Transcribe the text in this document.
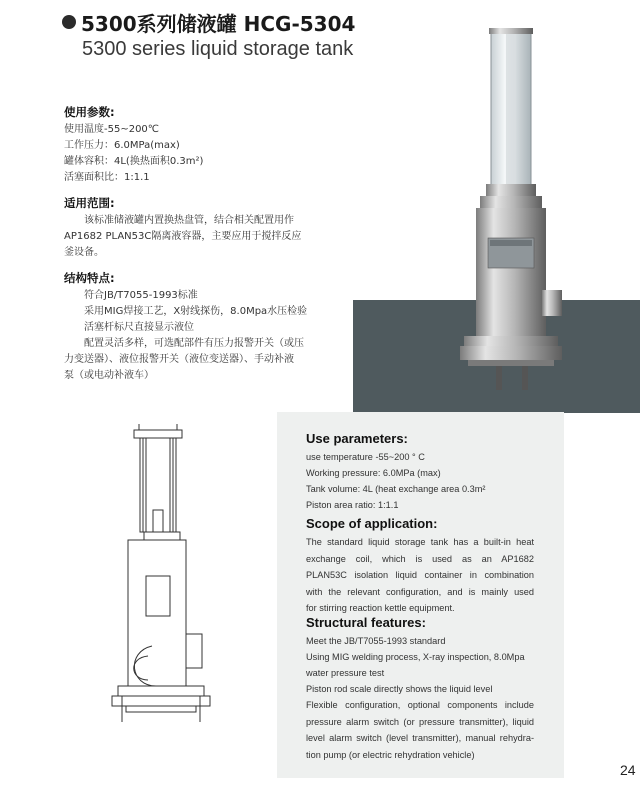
5300系列储液罐 HCG-5304
5300 series liquid storage tank
使用参数:
使用温度-55~200℃
工作压力：6.0MPa(max)
罐体容积：4L(换热面积0.3m²)
活塞面积比：1:1.1
适用范围:
该标准储液罐内置换热盘管，结合相关配置用作
AP1682 PLAN53C隔离液容器，主要应用于搅拌反应
釜设备。
结构特点:
符合JB/T7055-1993标准
采用MIG焊接工艺，X射线探伤，8.0Mpa水压检验
活塞杆标尺直接显示液位
配置灵活多样，可选配部件有压力报警开关（或压
力变送器）、液位报警开关（液位变送器）、手动补液
泵（或电动补液车）
Use parameters:
use temperature -55~200 ° C
Working pressure: 6.0MPa (max)
Tank volume: 4L (heat exchange area 0.3m²
Piston area ratio: 1:1.1
Scope of application:
The standard liquid storage tank has a built-in heat
exchange coil, which is used as an AP1682
PLAN53C isolation liquid container in combination
with the relevant configuration, and is mainly used
for stirring reaction kettle equipment.
Structural features:
Meet the JB/T7055-1993 standard
Using MIG welding process, X-ray inspection, 8.0Mpa
water pressure test
Piston rod scale directly shows the liquid level
Flexible configuration, optional components include
pressure alarm switch (or pressure transmitter), liquid
level alarm switch (level transmitter), manual rehydra-
tion pump (or electric rehydration vehicle)
24
